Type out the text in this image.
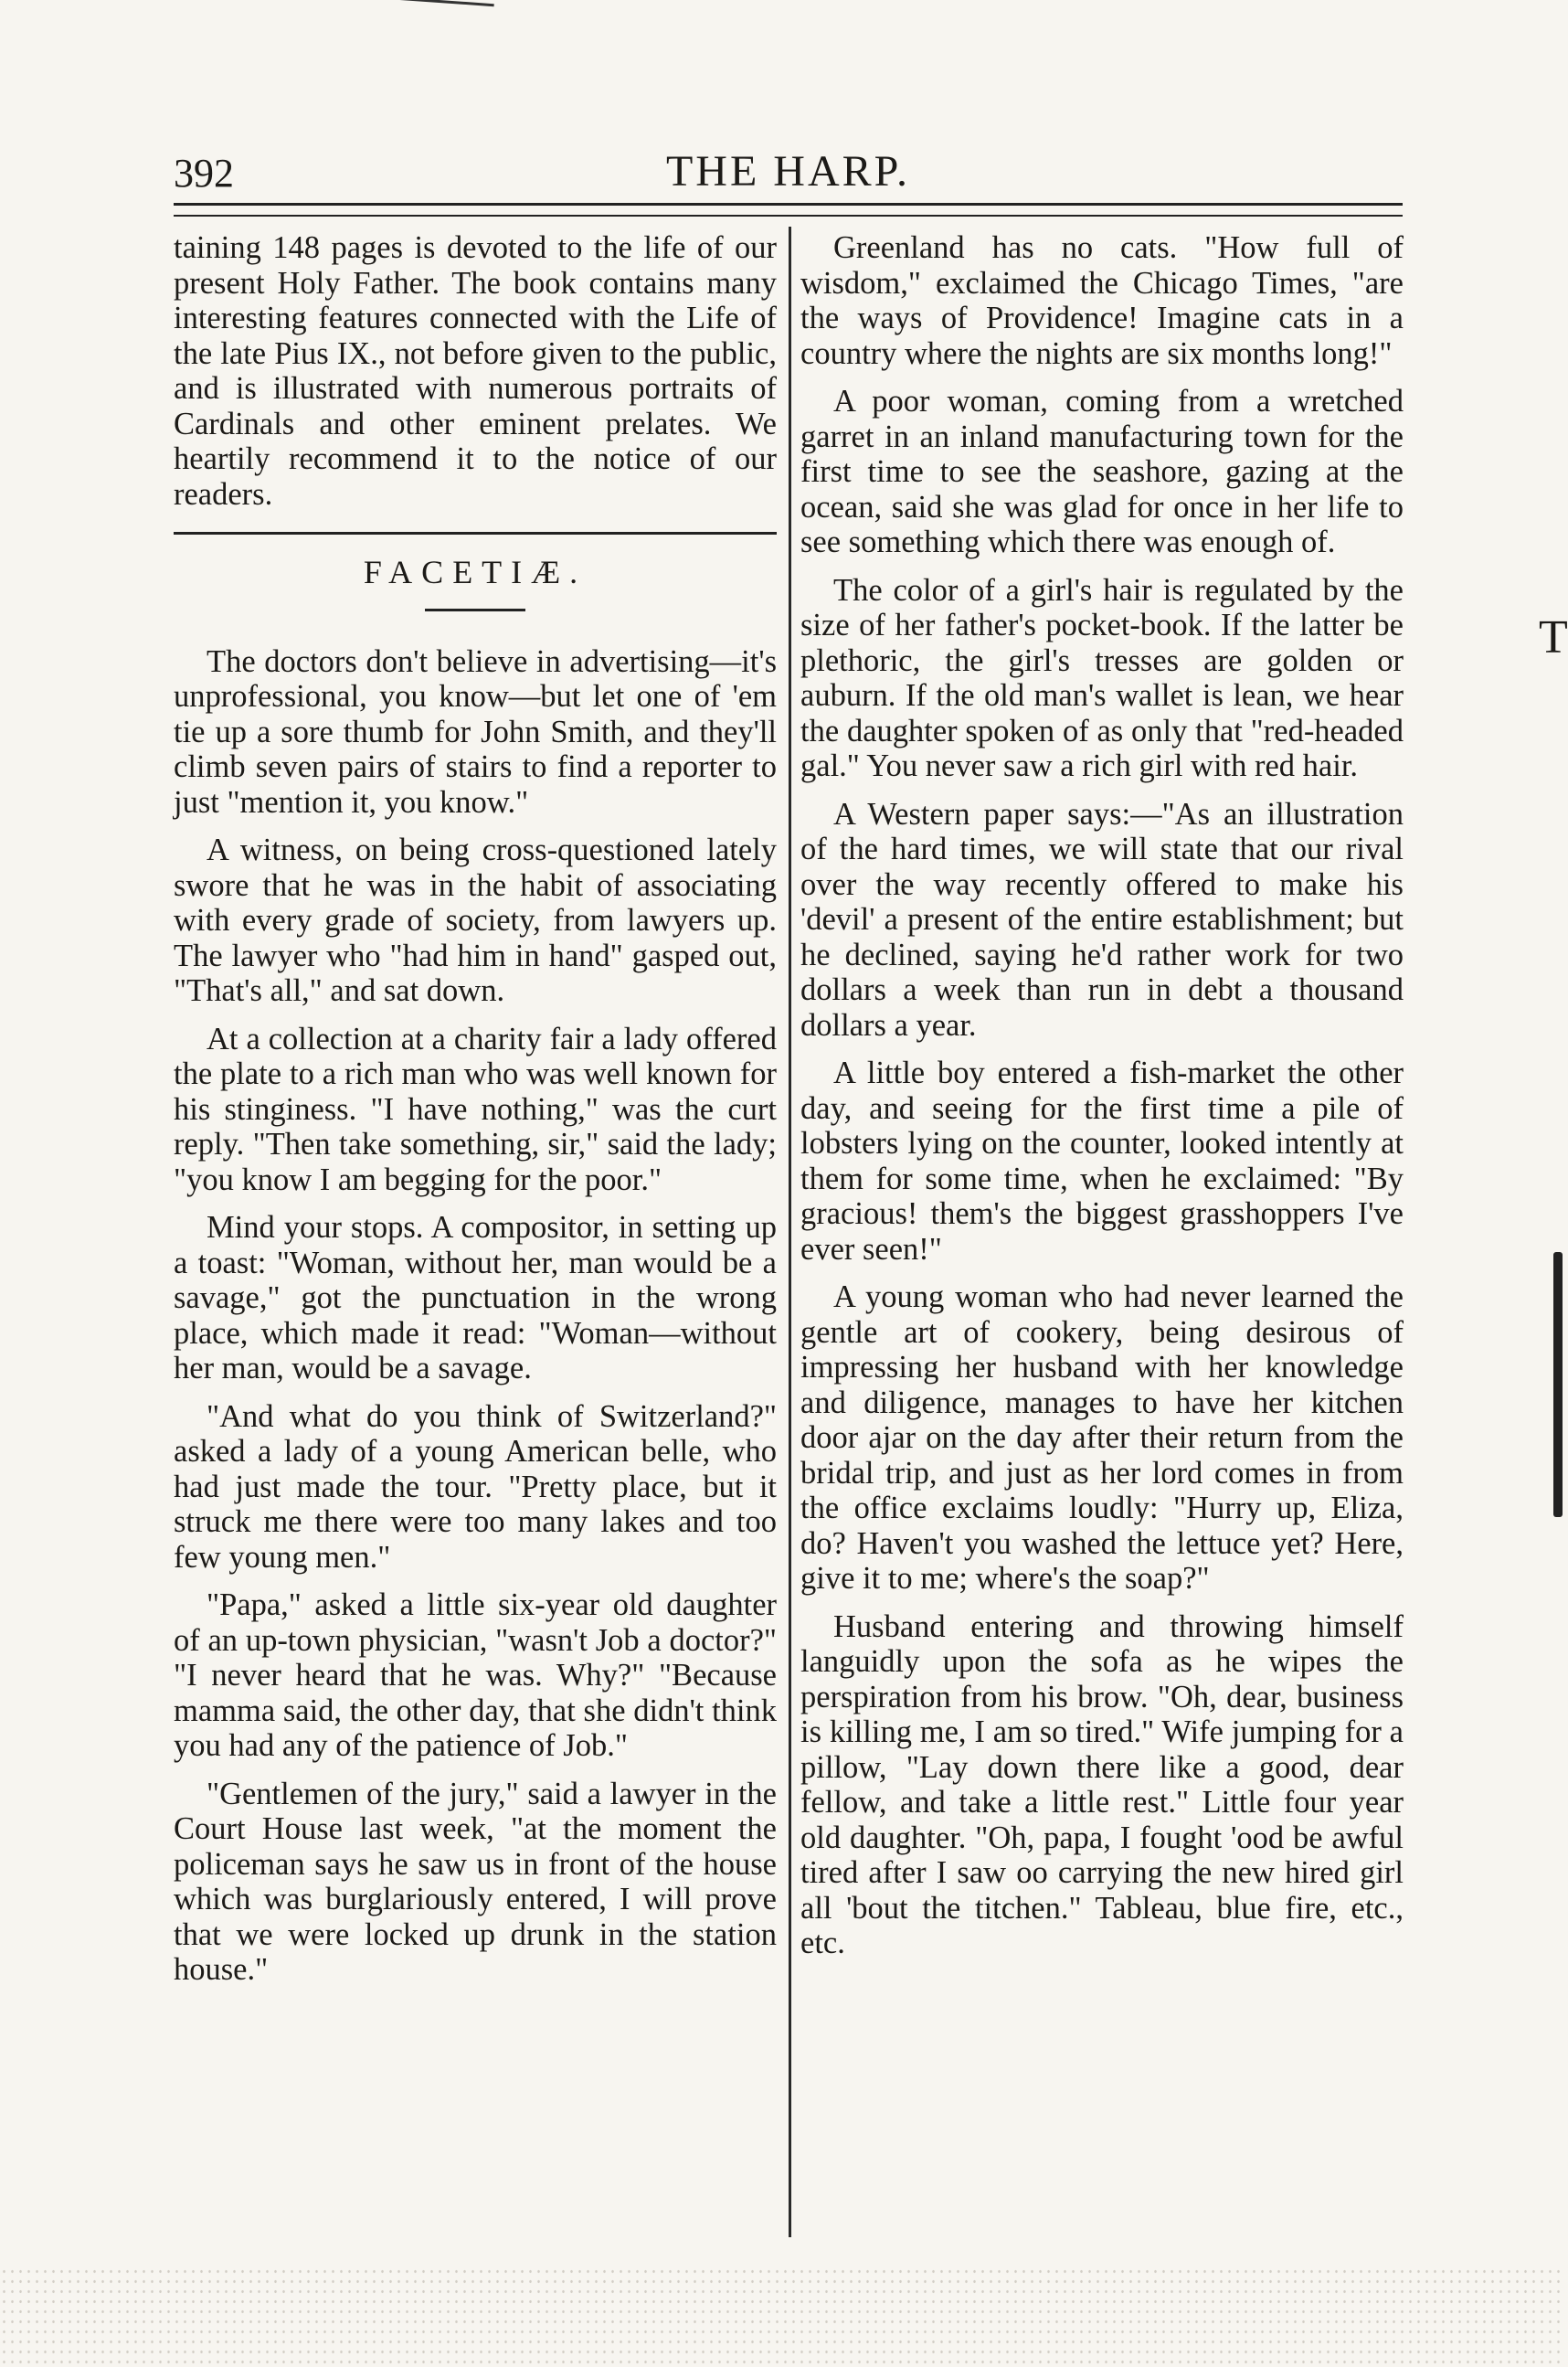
392	THE HARP.

taining 148 pages is devoted to the life of our present Holy Father. The book contains many interesting features connected with the Life of the late Pius IX., not before given to the public, and is illustrated with numerous portraits of Cardinals and other eminent prelates. We heartily recommend it to the notice of our readers.

FACETIÆ.

The doctors don't believe in advertising—it's unprofessional, you know—but let one of 'em tie up a sore thumb for John Smith, and they'll climb seven pairs of stairs to find a reporter to just "mention it, you know."

A witness, on being cross-questioned lately swore that he was in the habit of associating with every grade of society, from lawyers up. The lawyer who "had him in hand" gasped out, "That's all," and sat down.

At a collection at a charity fair a lady offered the plate to a rich man who was well known for his stinginess. "I have nothing," was the curt reply. "Then take something, sir," said the lady; "you know I am begging for the poor."

Mind your stops. A compositor, in setting up a toast: "Woman, without her, man would be a savage," got the punctuation in the wrong place, which made it read: "Woman—without her man, would be a savage.

"And what do you think of Switzerland?" asked a lady of a young American belle, who had just made the tour. "Pretty place, but it struck me there were too many lakes and too few young men."

"Papa," asked a little six-year old daughter of an up-town physician, "wasn't Job a doctor?" "I never heard that he was. Why?" "Because mamma said, the other day, that she didn't think you had any of the patience of Job."

"Gentlemen of the jury," said a lawyer in the Court House last week, "at the moment the policeman says he saw us in front of the house which was burglariously entered, I will prove that we were locked up drunk in the station house."

Greenland has no cats. "How full of wisdom," exclaimed the Chicago Times, "are the ways of Providence! Imagine cats in a country where the nights are six months long!"

A poor woman, coming from a wretched garret in an inland manufacturing town for the first time to see the seashore, gazing at the ocean, said she was glad for once in her life to see something which there was enough of.

The color of a girl's hair is regulated by the size of her father's pocket-book. If the latter be plethoric, the girl's tresses are golden or auburn. If the old man's wallet is lean, we hear the daughter spoken of as only that "red-headed gal." You never saw a rich girl with red hair.

A Western paper says:—"As an illustration of the hard times, we will state that our rival over the way recently offered to make his 'devil' a present of the entire establishment; but he declined, saying he'd rather work for two dollars a week than run in debt a thousand dollars a year.

A little boy entered a fish-market the other day, and seeing for the first time a pile of lobsters lying on the counter, looked intently at them for some time, when he exclaimed: "By gracious! them's the biggest grasshoppers I've ever seen!"

A young woman who had never learned the gentle art of cookery, being desirous of impressing her husband with her knowledge and diligence, manages to have her kitchen door ajar on the day after their return from the bridal trip, and just as her lord comes in from the office exclaims loudly: "Hurry up, Eliza, do? Haven't you washed the lettuce yet? Here, give it to me; where's the soap?"

Husband entering and throwing himself languidly upon the sofa as he wipes the perspiration from his brow. "Oh, dear, business is killing me, I am so tired." Wife jumping for a pillow, "Lay down there like a good, dear fellow, and take a little rest." Little four year old daughter. "Oh, papa, I fought 'ood be awful tired after I saw oo carrying the new hired girl all 'bout the titchen." Tableau, blue fire, etc., etc.

T
